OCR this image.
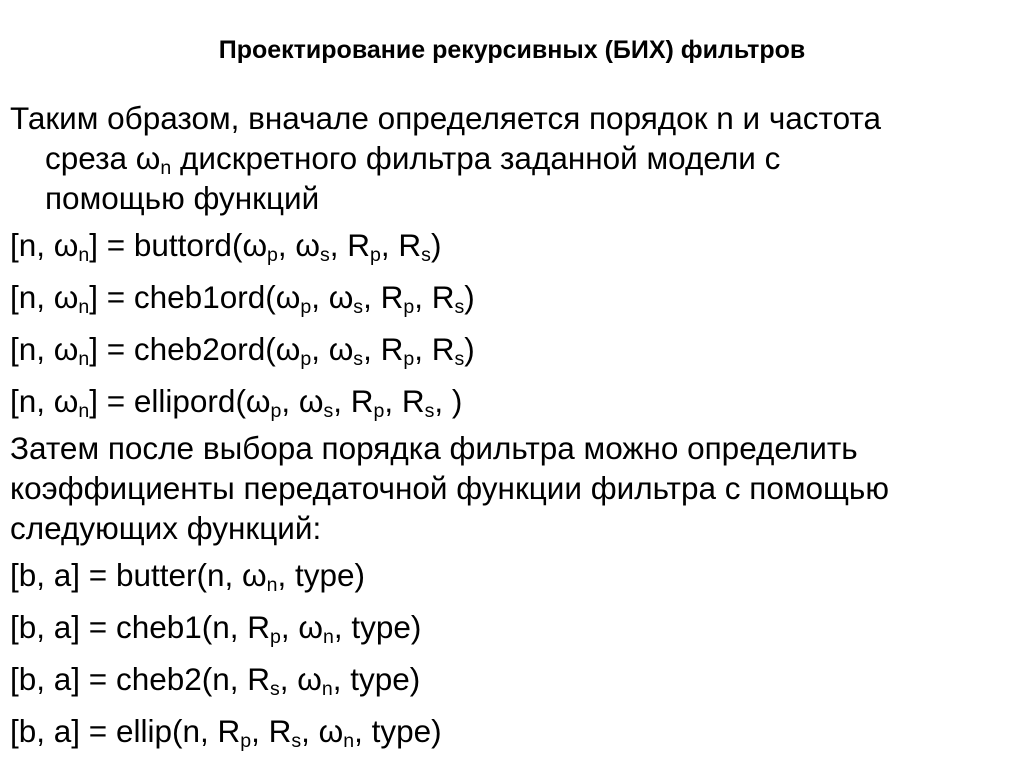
Проектирование рекурсивных (БИХ) фильтров
Таким образом, вначале определяется порядок n и частота
среза $\omega_n$ дискретного фильтра заданной модели с
помощью функций
[n, $\omega_n$] = $buttord(\omega_p$, $\omega_s$, $R_p$, $R_s$)
[n, $\omega_n$] = $cheb1ord(\omega_p$, $\omega_s$, $R_p$, $R_s$)
[n, $\omega_n$] = $cheb2ord(\omega_p$, $\omega_s$, $R_p$, $R_s$)
[n, $\omega_n$] = $ellipord(\omega_p$, $\omega_s$, $R_p$, $R_s$, )
Затем после выбора порядка фильтра можно определить
коэффициенты передаточной функции фильтра с помощью
следующих функций:
[b, a] = butter(n, $\omega_n$, type)
[b, a] = cheb1(n, $R_p$, $\omega_n$, type)
[b, a] = cheb2(n, $R_s$, $\omega_n$, type)
[b, a] = ellip(n, $R_p$, $R_s$, $\omega_n$, type)
